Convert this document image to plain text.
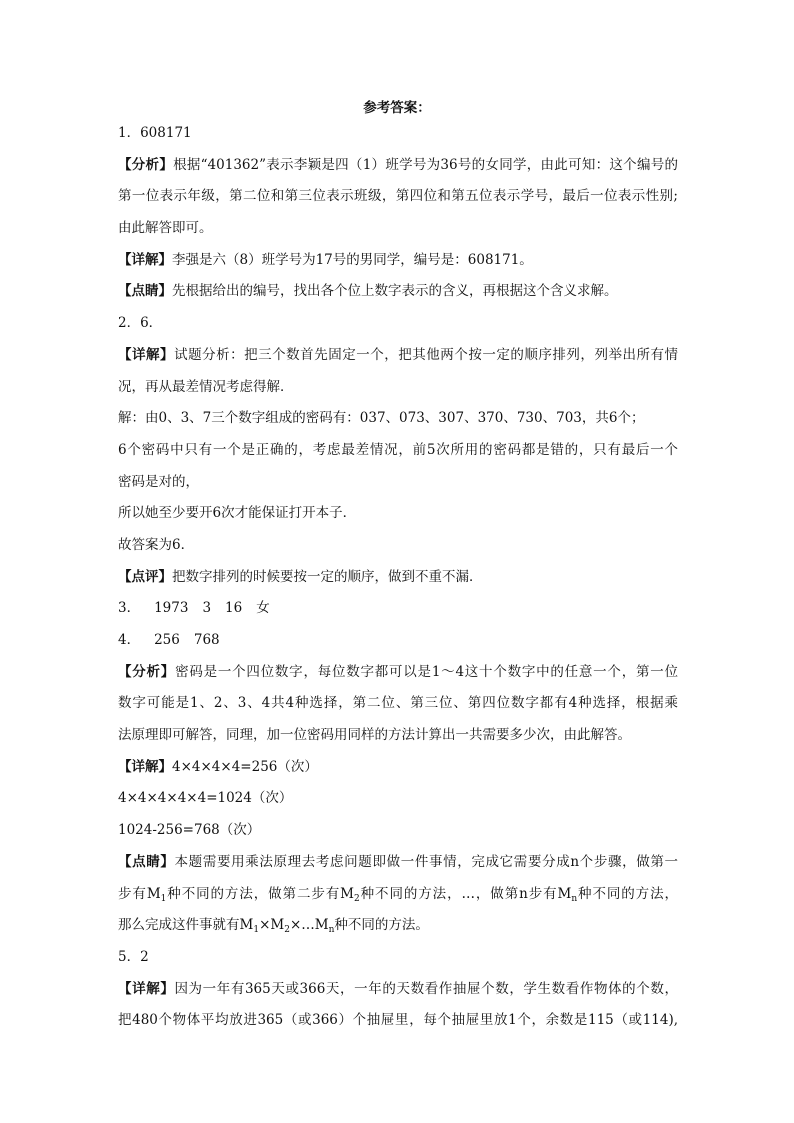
参考答案：
1．608171
【分析】根据“401362”表示李颖是四（1）班学号为36号的女同学，由此可知：这个编号的
第一位表示年级，第二位和第三位表示班级，第四位和第五位表示学号，最后一位表示性别;
由此解答即可。
【详解】李强是六（8）班学号为17号的男同学，编号是：608171。
【点睛】先根据给出的编号，找出各个位上数字表示的含义，再根据这个含义求解。
2．6．
【详解】试题分析：把三个数首先固定一个，把其他两个按一定的顺序排列，列举出所有情
况，再从最差情况考虑得解．
解：由0、3、7三个数字组成的密码有：037、073、307、370、730、703，共6个；
6个密码中只有一个是正确的，考虑最差情况，前5次所用的密码都是错的，只有最后一个
密码是对的，
所以她至少要开6次才能保证打开本子．
故答案为6．
【点评】把数字排列的时候要按一定的顺序，做到不重不漏．
3． 1973 3 16 女
4． 256 768
【分析】密码是一个四位数字，每位数字都可以是1～4这十个数字中的任意一个，第一位
数字可能是1、2、3、4共4种选择，第二位、第三位、第四位数字都有4种选择，根据乘
法原理即可解答，同理，加一位密码用同样的方法计算出一共需要多少次，由此解答。
【详解】4×4×4×4=256（次）
4×4×4×4×4=1024（次）
1024-256=768（次）
【点睛】本题需要用乘法原理去考虑问题即做一件事情，完成它需要分成n个步骤，做第一
步有$M_1$种不同的方法，做第二步有$M_2$种不同的方法，…，做第n步有$M_n$种不同的方法，
那么完成这件事就有$M_1\times M_2\times\dots M_n$种不同的方法。
5．2
【详解】因为一年有365天或366天，一年的天数看作抽屉个数，学生数看作物体的个数，
把480个物体平均放进365（或366）个抽屉里，每个抽屉里放1个，余数是115（或114),
